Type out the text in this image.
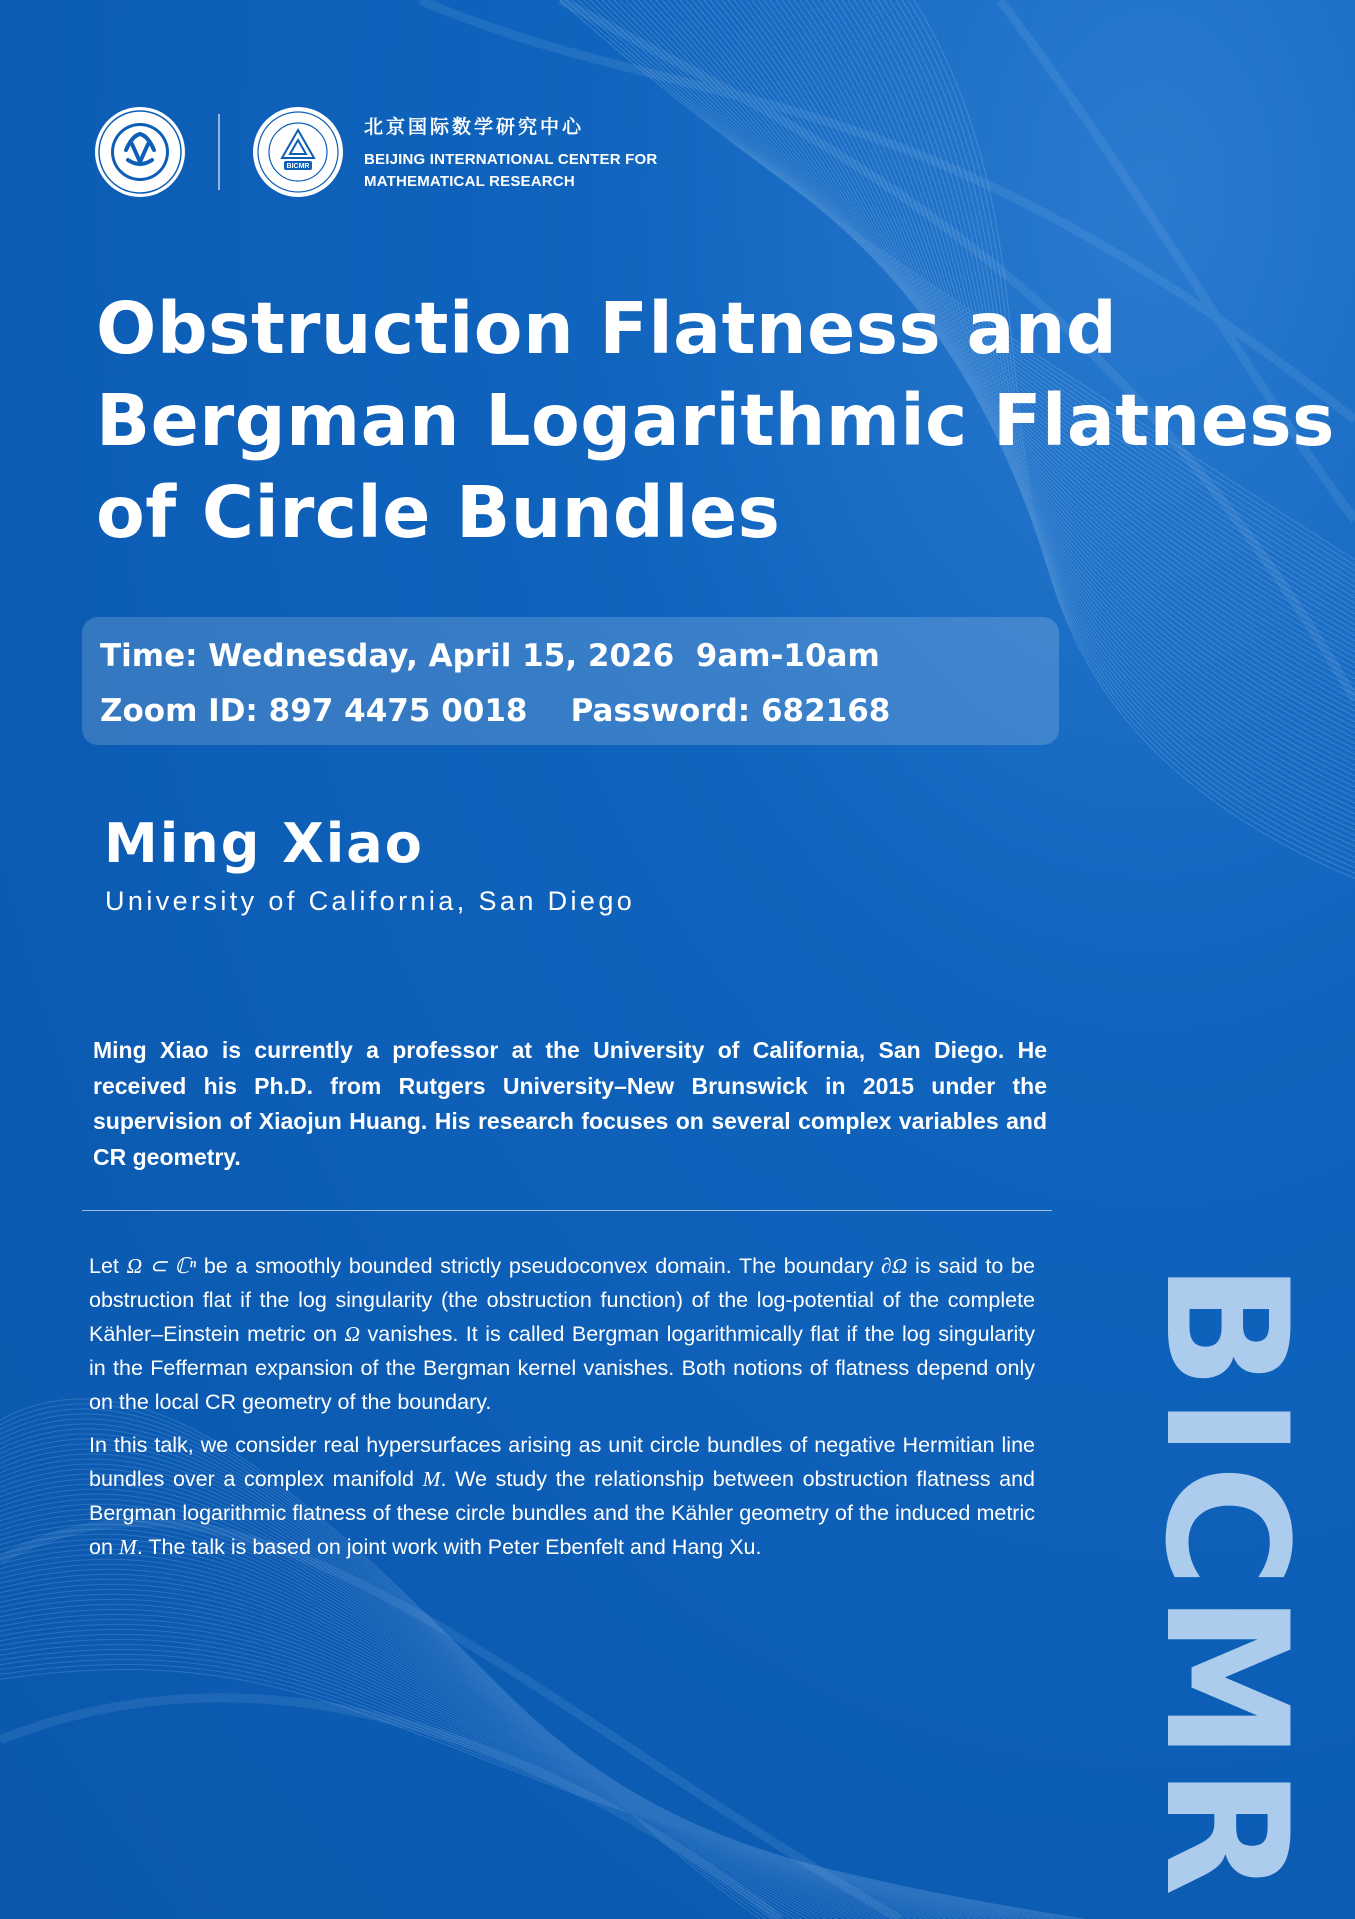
BICMR
北京国际数学研究中心
BEIJING INTERNATIONAL CENTER FOR
MATHEMATICAL RESEARCH
Obstruction Flatness and
Bergman Logarithmic Flatness
of Circle Bundles
Time: Wednesday, April 15, 2026  9am-10am
Zoom ID: 897 4475 0018    Password: 682168
Ming Xiao
University of California, San Diego
Ming Xiao is currently a professor at the University of California, San Diego. He received his Ph.D. from Rutgers University–New Brunswick in 2015 under the supervision of Xiaojun Huang. His research focuses on several complex variables and CR geometry.

Let Ω ⊂ ℂⁿ be a smoothly bounded strictly pseudoconvex domain. The boundary ∂Ω is said to be obstruction flat if the log singularity (the obstruction function) of the log-potential of the complete Kähler–Einstein metric on Ω vanishes. It is called Bergman logarithmically flat if the log singularity in the Fefferman expansion of the Bergman kernel vanishes. Both notions of flatness depend only on the local CR geometry of the boundary.

In this talk, we consider real hypersurfaces arising as unit circle bundles of negative Hermitian line bundles over a complex manifold M. We study the relationship between obstruction flatness and Bergman logarithmic flatness of these circle bundles and the Kähler geometry of the induced metric on M. The talk is based on joint work with Peter Ebenfelt and Hang Xu.	BICMR
